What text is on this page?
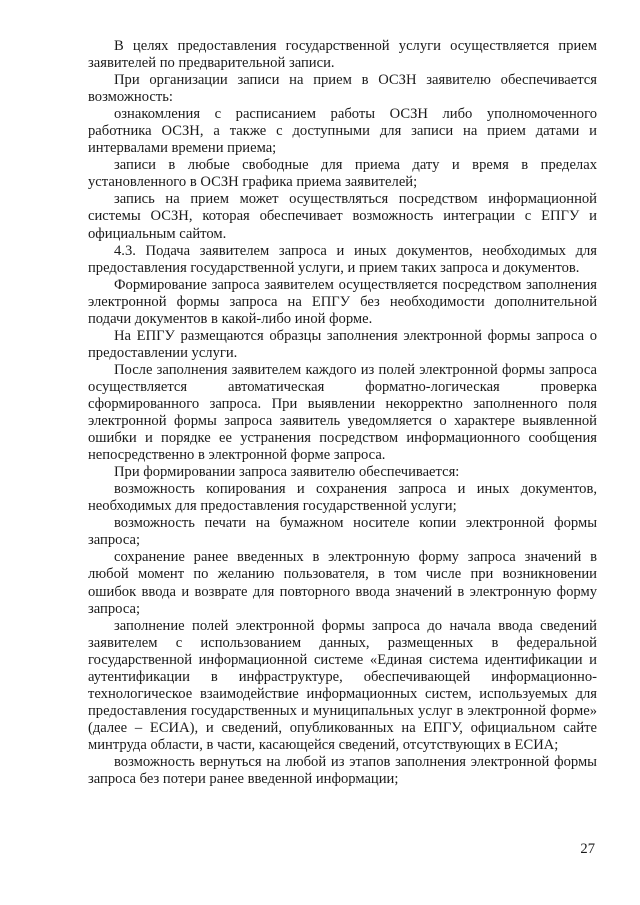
В целях предоставления государственной услуги осуществляется прием заявителей по предварительной записи.

При организации записи на прием в ОСЗН заявителю обеспечивается возможность:

ознакомления с расписанием работы ОСЗН либо уполномоченного работника ОСЗН, а также с доступными для записи на прием датами и интервалами времени приема;

записи в любые свободные для приема дату и время в пределах установленного в ОСЗН графика приема заявителей;

запись на прием может осуществляться посредством информационной системы ОСЗН, которая обеспечивает возможность интеграции с ЕПГУ и официальным сайтом.

4.3. Подача заявителем запроса и иных документов, необходимых для предоставления государственной услуги, и прием таких запроса и документов.

Формирование запроса заявителем осуществляется посредством заполнения электронной формы запроса на ЕПГУ без необходимости дополнительной подачи документов в какой-либо иной форме.

На ЕПГУ размещаются образцы заполнения электронной формы запроса о предоставлении услуги.

После заполнения заявителем каждого из полей электронной формы запроса осуществляется автоматическая форматно-логическая проверка сформированного запроса. При выявлении некорректно заполненного поля электронной формы запроса заявитель уведомляется о характере выявленной ошибки и порядке ее устранения посредством информационного сообщения непосредственно в электронной форме запроса.

При формировании запроса заявителю обеспечивается:

возможность копирования и сохранения запроса и иных документов, необходимых для предоставления государственной услуги;

возможность печати на бумажном носителе копии электронной формы запроса;

сохранение ранее введенных в электронную форму запроса значений в любой момент по желанию пользователя, в том числе при возникновении ошибок ввода и возврате для повторного ввода значений в электронную форму запроса;

заполнение полей электронной формы запроса до начала ввода сведений заявителем с использованием данных, размещенных в федеральной государственной информационной системе «Единая система идентификации и аутентификации в инфраструктуре, обеспечивающей информационно-технологическое взаимодействие информационных систем, используемых для предоставления государственных и муниципальных услуг в электронной форме» (далее – ЕСИА), и сведений, опубликованных на ЕПГУ, официальном сайте минтруда области, в части, касающейся сведений, отсутствующих в ЕСИА;

возможность вернуться на любой из этапов заполнения электронной формы запроса без потери ранее введенной информации;

27
